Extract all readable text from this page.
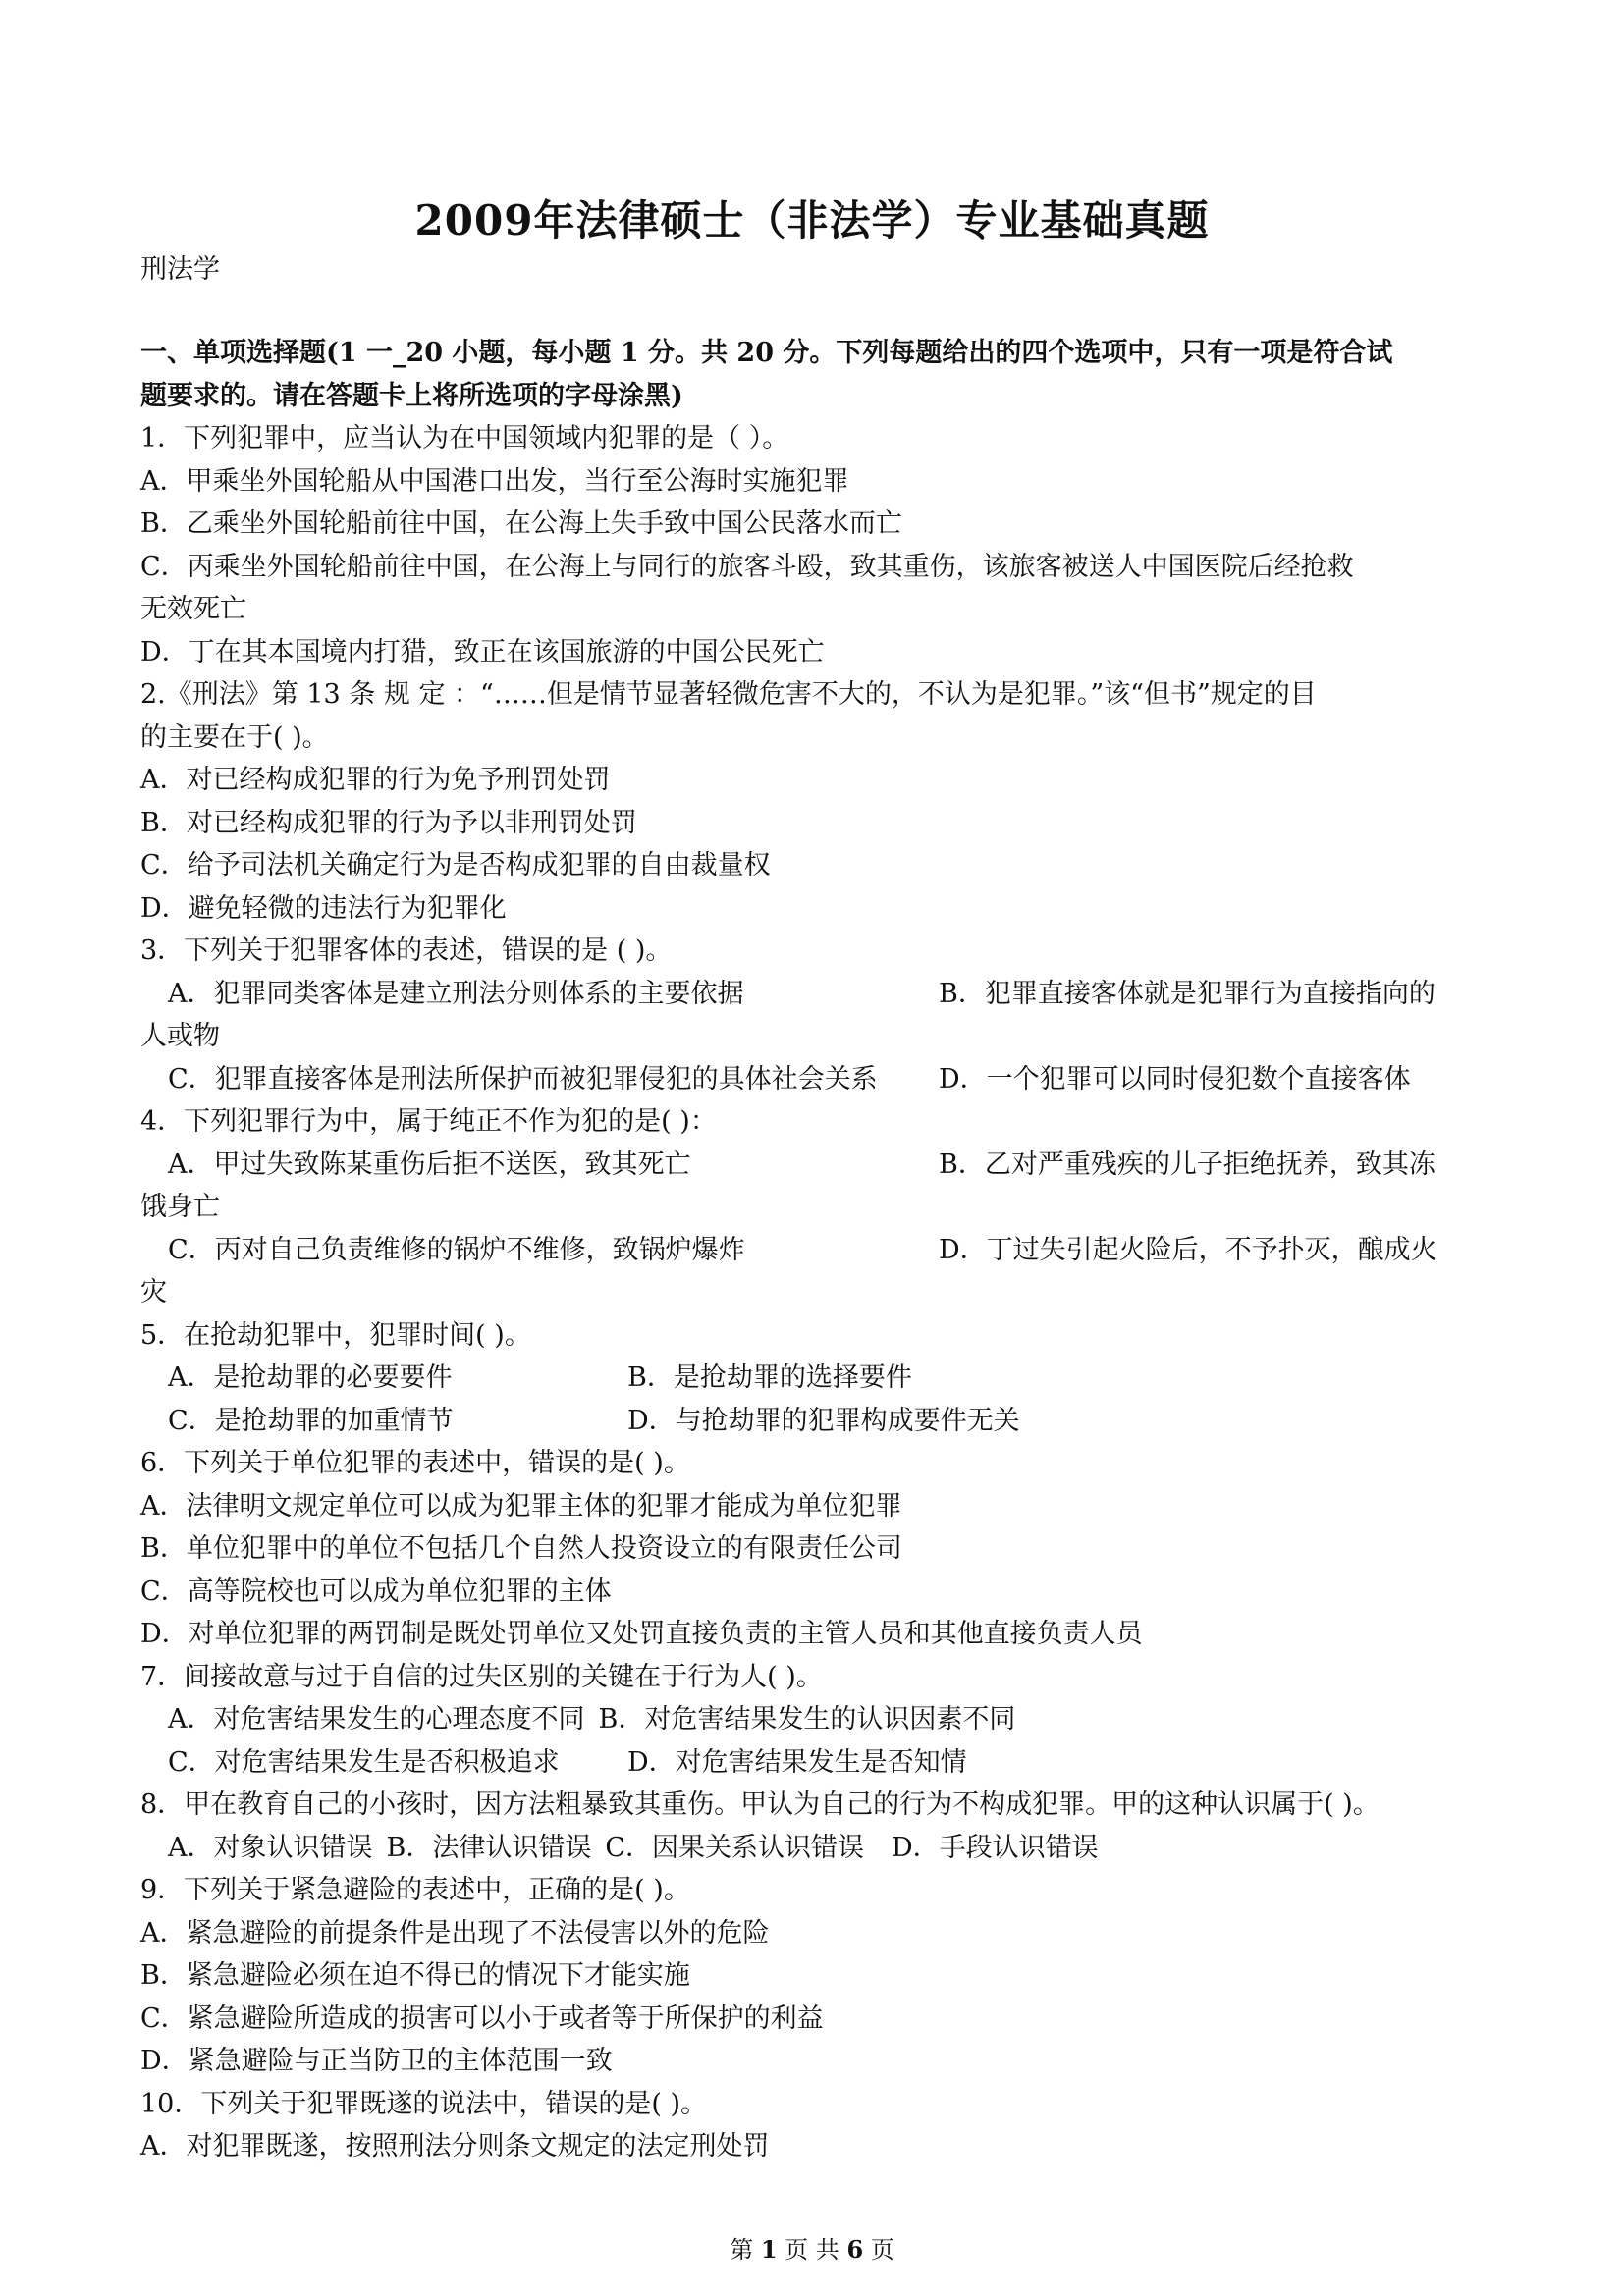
2009年法律硕士（非法学）专业基础真题
刑法学

一、单项选择题(1 一_20 小题，每小题 1 分。共 20 分。下列每题给出的四个选项中，只有一项是符合试

题要求的。请在答题卡上将所选项的字母涂黑)

1．下列犯罪中，应当认为在中国领域内犯罪的是（ ）。

A．甲乘坐外国轮船从中国港口出发，当行至公海时实施犯罪

B．乙乘坐外国轮船前往中国，在公海上失手致中国公民落水而亡

C．丙乘坐外国轮船前往中国，在公海上与同行的旅客斗殴，致其重伤，该旅客被送人中国医院后经抢救

无效死亡

D．丁在其本国境内打猎，致正在该国旅游的中国公民死亡

2.《刑法》第 13 条 规 定 ：“……但是情节显著轻微危害不大的，不认为是犯罪。”该“但书”规定的目

的主要在于( )。

A．对已经构成犯罪的行为免予刑罚处罚

B．对已经构成犯罪的行为予以非刑罚处罚

C．给予司法机关确定行为是否构成犯罪的自由裁量权

D．避免轻微的违法行为犯罪化

3．下列关于犯罪客体的表述，错误的是 ( )。

A．犯罪同类客体是建立刑法分则体系的主要依据	B．犯罪直接客体就是犯罪行为直接指向的

人或物

C．犯罪直接客体是刑法所保护而被犯罪侵犯的具体社会关系	D．一个犯罪可以同时侵犯数个直接客体

4．下列犯罪行为中，属于纯正不作为犯的是( )：

A．甲过失致陈某重伤后拒不送医，致其死亡	B．乙对严重残疾的儿子拒绝抚养，致其冻

饿身亡

C．丙对自己负责维修的锅炉不维修，致锅炉爆炸	D．丁过失引起火险后，不予扑灭，酿成火

灾

5．在抢劫犯罪中，犯罪时间( )。

A．是抢劫罪的必要要件	B．是抢劫罪的选择要件
C．是抢劫罪的加重情节	D．与抢劫罪的犯罪构成要件无关

6．下列关于单位犯罪的表述中，错误的是( )。

A．法律明文规定单位可以成为犯罪主体的犯罪才能成为单位犯罪

B．单位犯罪中的单位不包括几个自然人投资设立的有限责任公司

C．高等院校也可以成为单位犯罪的主体

D．对单位犯罪的两罚制是既处罚单位又处罚直接负责的主管人员和其他直接负责人员

7．间接故意与过于自信的过失区别的关键在于行为人( )。

A．对危害结果发生的心理态度不同 B．对危害结果发生的认识因素不同
C．对危害结果发生是否积极追求	D．对危害结果发生是否知情

8．甲在教育自己的小孩时，因方法粗暴致其重伤。甲认为自己的行为不构成犯罪。甲的这种认识属于( )。

A．对象认识错误 B．法律认识错误 C．因果关系认识错误 D．手段认识错误

9．下列关于紧急避险的表述中，正确的是( )。

A．紧急避险的前提条件是出现了不法侵害以外的危险

B．紧急避险必须在迫不得已的情况下才能实施

C．紧急避险所造成的损害可以小于或者等于所保护的利益

D．紧急避险与正当防卫的主体范围一致

10．下列关于犯罪既遂的说法中，错误的是( )。

A．对犯罪既遂，按照刑法分则条文规定的法定刑处罚

第 1 页 共 6 页
